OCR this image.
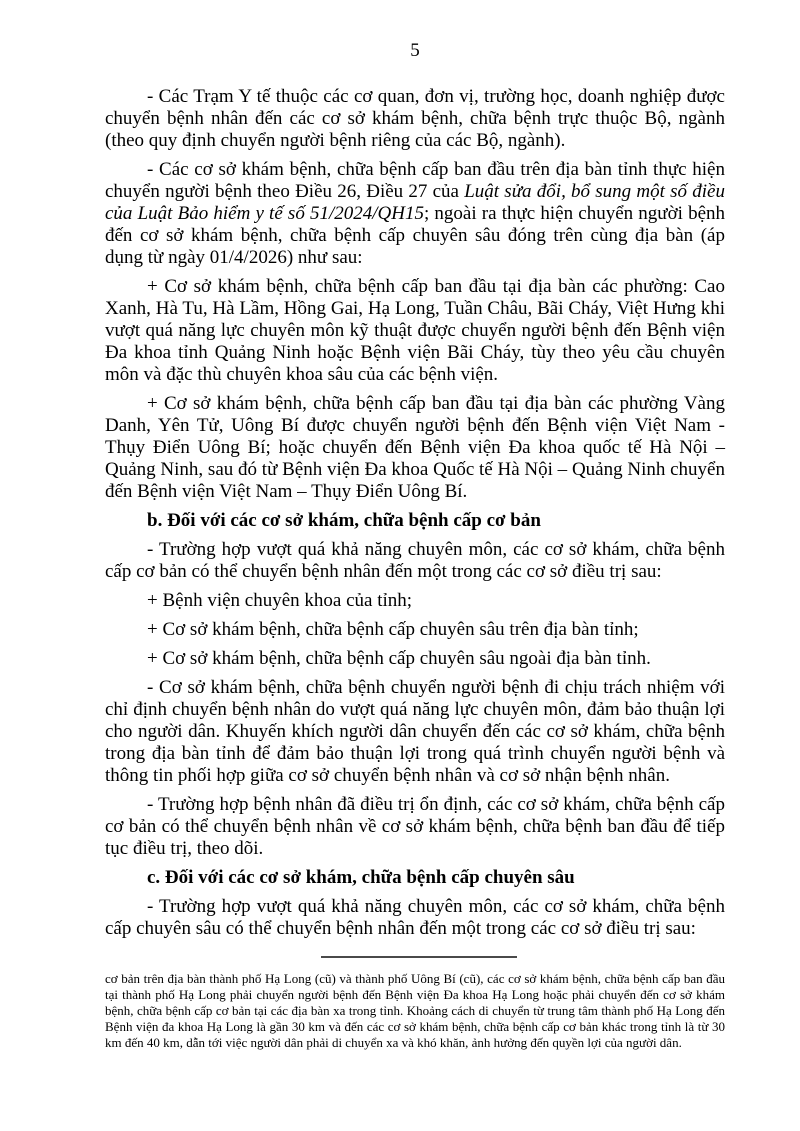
5

- Các Trạm Y tế thuộc các cơ quan, đơn vị, trường học, doanh nghiệp được chuyển bệnh nhân đến các cơ sở khám bệnh, chữa bệnh trực thuộc Bộ, ngành (theo quy định chuyển người bệnh riêng của các Bộ, ngành).

- Các cơ sở khám bệnh, chữa bệnh cấp ban đầu trên địa bàn tỉnh thực hiện chuyển người bệnh theo Điều 26, Điều 27 của Luật sửa đổi, bổ sung một số điều của Luật Bảo hiểm y tế số 51/2024/QH15; ngoài ra thực hiện chuyển người bệnh đến cơ sở khám bệnh, chữa bệnh cấp chuyên sâu đóng trên cùng địa bàn (áp dụng từ ngày 01/4/2026) như sau:

+ Cơ sở khám bệnh, chữa bệnh cấp ban đầu tại địa bàn các phường: Cao Xanh, Hà Tu, Hà Lầm, Hồng Gai, Hạ Long, Tuần Châu, Bãi Cháy, Việt Hưng khi vượt quá năng lực chuyên môn kỹ thuật được chuyển người bệnh đến Bệnh viện Đa khoa tỉnh Quảng Ninh hoặc Bệnh viện Bãi Cháy, tùy theo yêu cầu chuyên môn và đặc thù chuyên khoa sâu của các bệnh viện.

+ Cơ sở khám bệnh, chữa bệnh cấp ban đầu tại địa bàn các phường Vàng Danh, Yên Tử, Uông Bí được chuyển người bệnh đến Bệnh viện Việt Nam - Thụy Điển Uông Bí; hoặc chuyển đến Bệnh viện Đa khoa quốc tế Hà Nội – Quảng Ninh, sau đó từ Bệnh viện Đa khoa Quốc tế Hà Nội – Quảng Ninh chuyển đến Bệnh viện Việt Nam – Thụy Điển Uông Bí.

b. Đối với các cơ sở khám, chữa bệnh cấp cơ bản

- Trường hợp vượt quá khả năng chuyên môn, các cơ sở khám, chữa bệnh cấp cơ bản có thể chuyển bệnh nhân đến một trong các cơ sở điều trị sau:

+ Bệnh viện chuyên khoa của tỉnh;

+ Cơ sở khám bệnh, chữa bệnh cấp chuyên sâu trên địa bàn tỉnh;

+ Cơ sở khám bệnh, chữa bệnh cấp chuyên sâu ngoài địa bàn tỉnh.

- Cơ sở khám bệnh, chữa bệnh chuyển người bệnh đi chịu trách nhiệm với chỉ định chuyển bệnh nhân do vượt quá năng lực chuyên môn, đảm bảo thuận lợi cho người dân. Khuyến khích người dân chuyển đến các cơ sở khám, chữa bệnh trong địa bàn tỉnh để đảm bảo thuận lợi trong quá trình chuyển người bệnh và thông tin phối hợp giữa cơ sở chuyển bệnh nhân và cơ sở nhận bệnh nhân.

- Trường hợp bệnh nhân đã điều trị ổn định, các cơ sở khám, chữa bệnh cấp cơ bản có thể chuyển bệnh nhân về cơ sở khám bệnh, chữa bệnh ban đầu để tiếp tục điều trị, theo dõi.

c. Đối với các cơ sở khám, chữa bệnh cấp chuyên sâu

- Trường hợp vượt quá khả năng chuyên môn, các cơ sở khám, chữa bệnh cấp chuyên sâu có thể chuyển bệnh nhân đến một trong các cơ sở điều trị sau:

cơ bản trên địa bàn thành phố Hạ Long (cũ) và thành phố Uông Bí (cũ), các cơ sở khám bệnh, chữa bệnh cấp ban đầu tại thành phố Hạ Long phải chuyển người bệnh đến Bệnh viện Đa khoa Hạ Long hoặc phải chuyển đến cơ sở khám bệnh, chữa bệnh cấp cơ bản tại các địa bàn xa trong tỉnh. Khoảng cách di chuyển từ trung tâm thành phố Hạ Long đến Bệnh viện đa khoa Hạ Long là gần 30 km và đến các cơ sở khám bệnh, chữa bệnh cấp cơ bản khác trong tỉnh là từ 30 km đến 40 km, dẫn tới việc người dân phải di chuyển xa và khó khăn, ảnh hưởng đến quyền lợi của người dân.
